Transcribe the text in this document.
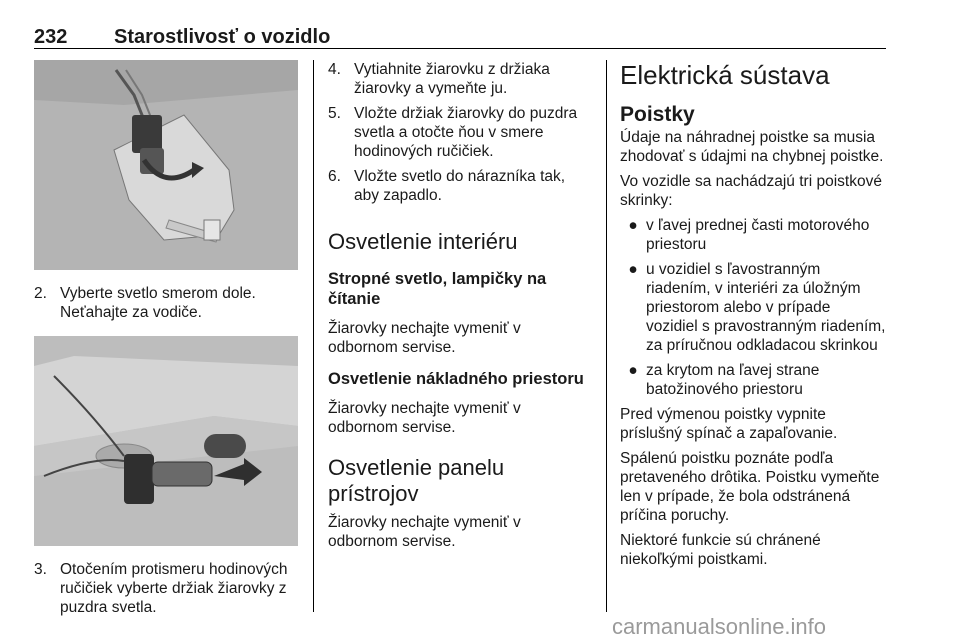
232 Starostlivosť o vozidlo
2. Vyberte svetlo smerom dole. Neťahajte za vodiče.
3. Otočením protismeru hodinových ručičiek vyberte držiak žiarovky z puzdra svetla.
4. Vytiahnite žiarovku z držiaka žiarovky a vymeňte ju.
5. Vložte držiak žiarovky do puzdra svetla a otočte ňou v smere hodinových ručičiek.
6. Vložte svetlo do nárazníka tak, aby zapadlo.
Osvetlenie interiéru
Stropné svetlo, lampičky na čítanie

Žiarovky nechajte vymeniť v odbornom servise.

Osvetlenie nákladného priestoru

Žiarovky nechajte vymeniť v odbornom servise.

Osvetlenie panelu prístrojov

Žiarovky nechajte vymeniť v odbornom servise.

Elektrická sústava
Poistky

Údaje na náhradnej poistke sa musia zhodovať s údajmi na chybnej poistke.

Vo vozidle sa nachádzajú tri poistkové skrinky:

● v ľavej prednej časti motorového priestoru
● u vozidiel s ľavostranným riadením, v interiéri za úložným priestorom alebo v prípade vozidiel s pravostranným riadením, za príručnou odkladacou skrinkou
● za krytom na ľavej strane batožinového priestoru

Pred výmenou poistky vypnite príslušný spínač a zapaľovanie.

Spálenú poistku poznáte podľa pretaveného drôtika. Poistku vymeňte len v prípade, že bola odstránená príčina poruchy.

Niektoré funkcie sú chránené niekoľkými poistkami.

carmanualsonline.info
